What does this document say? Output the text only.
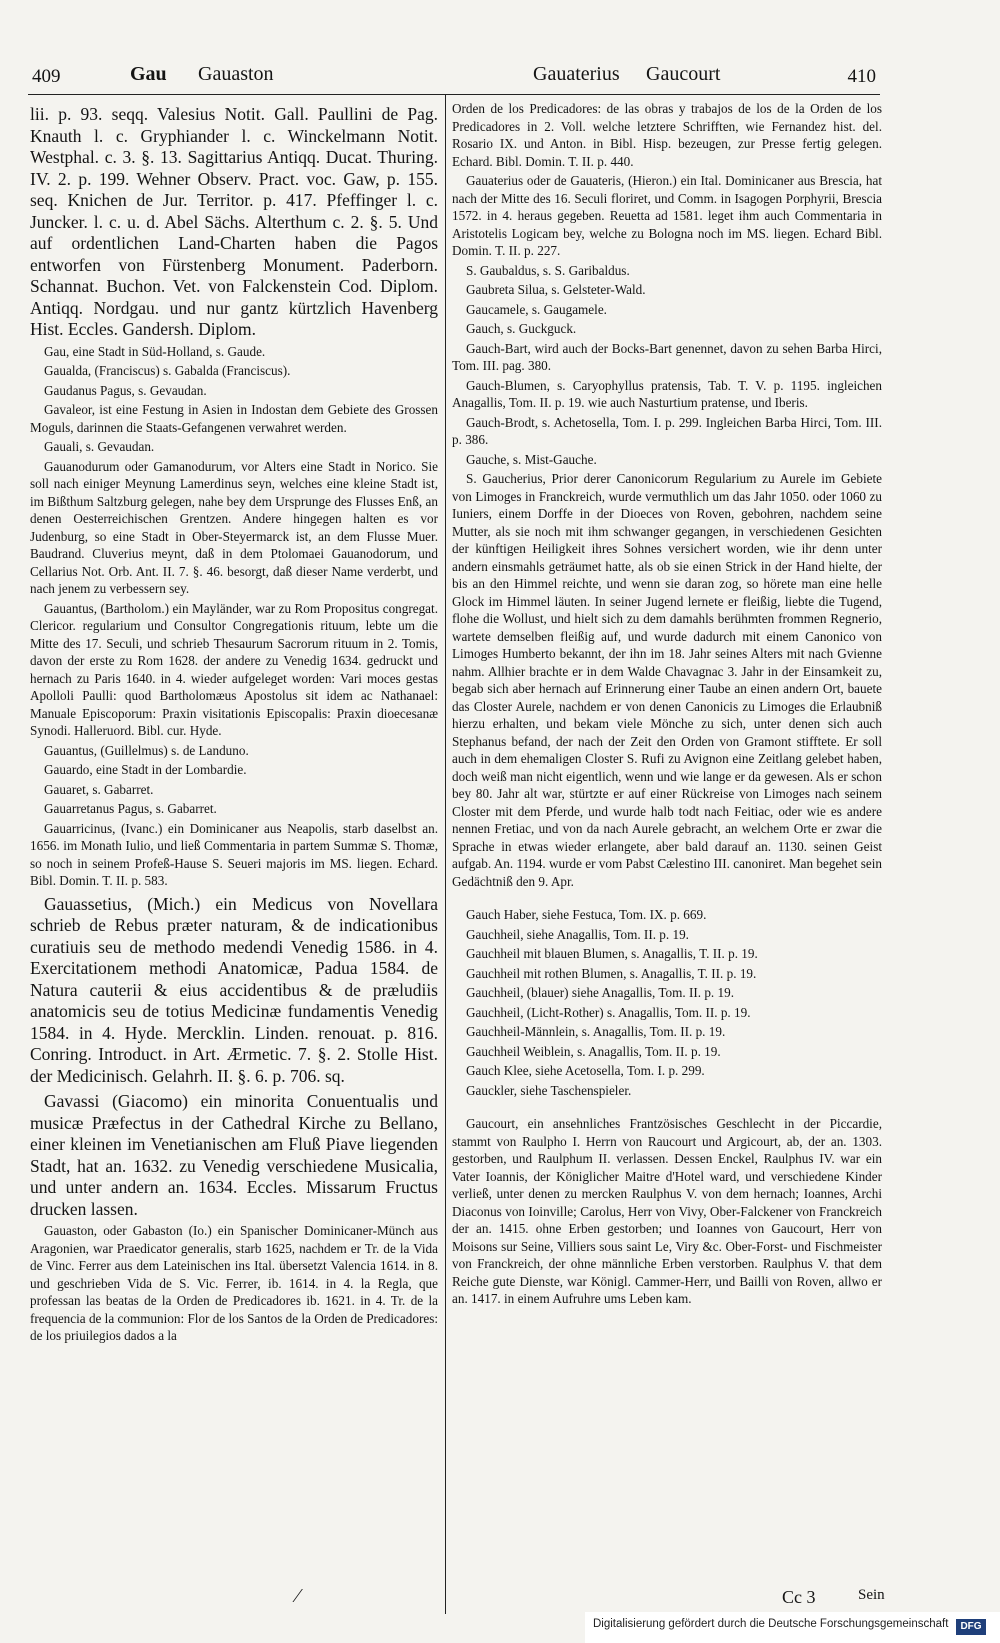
409	Gau Gauaston	Gauaterius Gaucourt	410

lii. p. 93. seqq. Valesius Notit. Gall. Paullini de Pag. Knauth l. c. Gryphiander l. c. Winckelmann Notit. Westphal. c. 3. §. 13. Sagittarius Antiqq. Ducat. Thuring. IV. 2. p. 199. Wehner Observ. Pract. voc. Gaw, p. 155. seq. Knichen de Jur. Territor. p. 417. Pfeffinger l. c. Juncker. l. c. u. d. Abel Sächs. Alterthum c. 2. §. 5. Und auf ordentlichen Land-Charten haben die Pagos entworfen von Fürstenberg Monument. Paderborn. Schannat. Buchon. Vet. von Falckenstein Cod. Diplom. Antiqq. Nordgau. und nur gantz kürtzlich Havenberg Hist. Eccles. Gandersh. Diplom.

Gau, eine Stadt in Süd-Holland, s. Gaude.

Gaualda, (Franciscus) s. Gabalda (Franciscus).

Gaudanus Pagus, s. Gevaudan.

Gavaleor, ist eine Festung in Asien in Indostan dem Gebiete des Grossen Moguls, darinnen die Staats-Gefangenen verwahret werden.

Gauali, s. Gevaudan.

Gauanodurum oder Gamanodurum, vor Alters eine Stadt in Norico. Sie soll nach einiger Meynung Lamerdinus seyn, welches eine kleine Stadt ist, im Bißthum Saltzburg gelegen, nahe bey dem Ursprunge des Flusses Enß, an denen Oesterreichischen Grentzen. Andere hingegen halten es vor Judenburg, so eine Stadt in Ober-Steyermarck ist, an dem Flusse Muer. Baudrand. Cluverius meynt, daß in dem Ptolomaei Gauanodorum, und Cellarius Not. Orb. Ant. II. 7. §. 46. besorgt, daß dieser Name verderbt, und nach jenem zu verbessern sey.

Gauantus, (Bartholom.) ein Mayländer, war zu Rom Propositus congregat. Clericor. regularium und Consultor Congregationis rituum, lebte um die Mitte des 17. Seculi, und schrieb Thesaurum Sacrorum rituum in 2. Tomis, davon der erste zu Rom 1628. der andere zu Venedig 1634. gedruckt und hernach zu Paris 1640. in 4. wieder aufgeleget worden: Vari moces gestas Apolloli Paulli: quod Bartholomæus Apostolus sit idem ac Nathanael: Manuale Episcoporum: Praxin visitationis Episcopalis: Praxin dioecesanæ Synodi. Halleruord. Bibl. cur. Hyde.

Gauantus, (Guillelmus) s. de Landuno.

Gauardo, eine Stadt in der Lombardie.

Gauaret, s. Gabarret.

Gauarretanus Pagus, s. Gabarret.

Gauarricinus, (Ivanc.) ein Dominicaner aus Neapolis, starb daselbst an. 1656. im Monath Iulio, und ließ Commentaria in partem Summæ S. Thomæ, so noch in seinem Profeß-Hause S. Seueri majoris im MS. liegen. Echard. Bibl. Domin. T. II. p. 583.

Gauassetius, (Mich.) ein Medicus von Novellara schrieb de Rebus præter naturam, & de indicationibus curatiuis seu de methodo medendi Venedig 1586. in 4. Exercitationem methodi Anatomicæ, Padua 1584. de Natura cauterii & eius accidentibus & de præludiis anatomicis seu de totius Medicinæ fundamentis Venedig 1584. in 4. Hyde. Mercklin. Linden. renouat. p. 816. Conring. Introduct. in Art. Ærmetic. 7. §. 2. Stolle Hist. der Medicinisch. Gelahrh. II. §. 6. p. 706. sq.

Gavassi (Giacomo) ein minorita Conuentualis und musicæ Præfectus in der Cathedral Kirche zu Bellano, einer kleinen im Venetianischen am Fluß Piave liegenden Stadt, hat an. 1632. zu Venedig verschiedene Musicalia, und unter andern an. 1634. Eccles. Missarum Fructus drucken lassen.

Gauaston, oder Gabaston (Io.) ein Spanischer Dominicaner-Münch aus Aragonien, war Praedicator generalis, starb 1625, nachdem er Tr. de la Vida de Vinc. Ferrer aus dem Lateinischen ins Ital. übersetzt Valencia 1614. in 8. und geschrieben Vida de S. Vic. Ferrer, ib. 1614. in 4. la Regla, que professan las beatas de la Orden de Predicadores ib. 1621. in 4. Tr. de la frequencia de la communion: Flor de los Santos de la Orden de Predicadores: de los priuilegios dados a la

Orden de los Predicadores: de las obras y trabajos de los de la Orden de los Predicadores in 2. Voll. welche letztere Schrifften, wie Fernandez hist. del. Rosario IX. und Anton. in Bibl. Hisp. bezeugen, zur Presse fertig gelegen. Echard. Bibl. Domin. T. II. p. 440.

Gauaterius oder de Gauateris, (Hieron.) ein Ital. Dominicaner aus Brescia, hat nach der Mitte des 16. Seculi floriret, und Comm. in Isagogen Porphyrii, Brescia 1572. in 4. heraus gegeben. Reuetta ad 1581. leget ihm auch Commentaria in Aristotelis Logicam bey, welche zu Bologna noch im MS. liegen. Echard Bibl. Domin. T. II. p. 227.

S. Gaubaldus, s. S. Garibaldus.

Gaubreta Silua, s. Gelsteter-Wald.

Gaucamele, s. Gaugamele.

Gauch, s. Guckguck.

Gauch-Bart, wird auch der Bocks-Bart genennet, davon zu sehen Barba Hirci, Tom. III. pag. 380.

Gauch-Blumen, s. Caryophyllus pratensis, Tab. T. V. p. 1195. ingleichen Anagallis, Tom. II. p. 19. wie auch Nasturtium pratense, und Iberis.

Gauch-Brodt, s. Achetosella, Tom. I. p. 299. Ingleichen Barba Hirci, Tom. III. p. 386.

Gauche, s. Mist-Gauche.

S. Gaucherius, Prior derer Canonicorum Regularium zu Aurele im Gebiete von Limoges in Franckreich, wurde vermuthlich um das Jahr 1050. oder 1060 zu Iuniers, einem Dorffe in der Dioeces von Roven, gebohren, nachdem seine Mutter, als sie noch mit ihm schwanger gegangen, in verschiedenen Gesichten der künftigen Heiligkeit ihres Sohnes versichert worden, wie ihr denn unter andern einsmahls geträumet hatte, als ob sie einen Strick in der Hand hielte, der bis an den Himmel reichte, und wenn sie daran zog, so hörete man eine helle Glock im Himmel läuten. In seiner Jugend lernete er fleißig, liebte die Tugend, flohe die Wollust, und hielt sich zu dem damahls berühmten frommen Regnerio, wartete demselben fleißig auf, und wurde dadurch mit einem Canonico von Limoges Humberto bekannt, der ihn im 18. Jahr seines Alters mit nach Gvienne nahm. Allhier brachte er in dem Walde Chavagnac 3. Jahr in der Einsamkeit zu, begab sich aber hernach auf Erinnerung einer Taube an einen andern Ort, bauete das Closter Aurele, nachdem er von denen Canonicis zu Limoges die Erlaubniß hierzu erhalten, und bekam viele Mönche zu sich, unter denen sich auch Stephanus befand, der nach der Zeit den Orden von Gramont stifftete. Er soll auch in dem ehemaligen Closter S. Rufi zu Avignon eine Zeitlang gelebet haben, doch weiß man nicht eigentlich, wenn und wie lange er da gewesen. Als er schon bey 80. Jahr alt war, stürtzte er auf einer Rückreise von Limoges nach seinem Closter mit dem Pferde, und wurde halb todt nach Feitiac, oder wie es andere nennen Fretiac, und von da nach Aurele gebracht, an welchem Orte er zwar die Sprache in etwas wieder erlangete, aber bald darauf an. 1130. seinen Geist aufgab. An. 1194. wurde er vom Pabst Cælestino III. canoniret. Man begehet sein Gedächtniß den 9. Apr.

Gauch Haber, siehe Festuca, Tom. IX. p. 669.

Gauchheil, siehe Anagallis, Tom. II. p. 19.

Gauchheil mit blauen Blumen, s. Anagallis, T. II. p. 19.

Gauchheil mit rothen Blumen, s. Anagallis, T. II. p. 19.

Gauchheil, (blauer) siehe Anagallis, Tom. II. p. 19.

Gauchheil, (Licht-Rother) s. Anagallis, Tom. II. p. 19.

Gauchheil-Männlein, s. Anagallis, Tom. II. p. 19.

Gauchheil Weiblein, s. Anagallis, Tom. II. p. 19.

Gauch Klee, siehe Acetosella, Tom. I. p. 299.

Gauckler, siehe Taschenspieler.

Gaucourt, ein ansehnliches Frantzösisches Geschlecht in der Piccardie, stammt von Raulpho I. Herrn von Raucourt und Argicourt, ab, der an. 1303. gestorben, und Raulphum II. verlassen. Dessen Enckel, Raulphus IV. war ein Vater Ioannis, der Königlicher Maitre d'Hotel ward, und verschiedene Kinder verließ, unter denen zu mercken Raulphus V. von dem hernach; Ioannes, Archi Diaconus von Ioinville; Carolus, Herr von Vivy, Ober-Falckener von Franckreich der an. 1415. ohne Erben gestorben; und Ioannes von Gaucourt, Herr von Moisons sur Seine, Villiers sous saint Le, Viry &c. Ober-Forst- und Fischmeister von Franckreich, der ohne männliche Erben verstorben. Raulphus V. that dem Reiche gute Dienste, war Königl. Cammer-Herr, und Bailli von Roven, allwo er an. 1417. in einem Aufruhre ums Leben kam.

⁄	Cc 3	Sein
Digitalisierung gefördert durch die Deutsche Forschungsgemeinschaft	DFG
